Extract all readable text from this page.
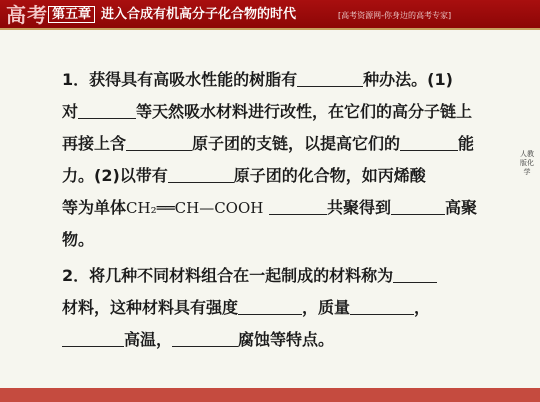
高考 第五章 进入合成有机高分子化合物的时代	[高考资源网-你身边的高考专家]
人教版化学

1．获得具有高吸水性能的树脂有	种办法。(1)
对	等天然吸水材料进行改性，在它们的高分子链上
再接上含	原子团的支链，以提高它们的	能
力。(2)以带有	原子团的化合物，如丙烯酸
等为单体CH₂══CH—COOH	共聚得到	高聚
物。

2．将几种不同材料组合在一起制成的材料称为
材料，这种材料具有强度	，质量	，
高温，	腐蚀等特点。
